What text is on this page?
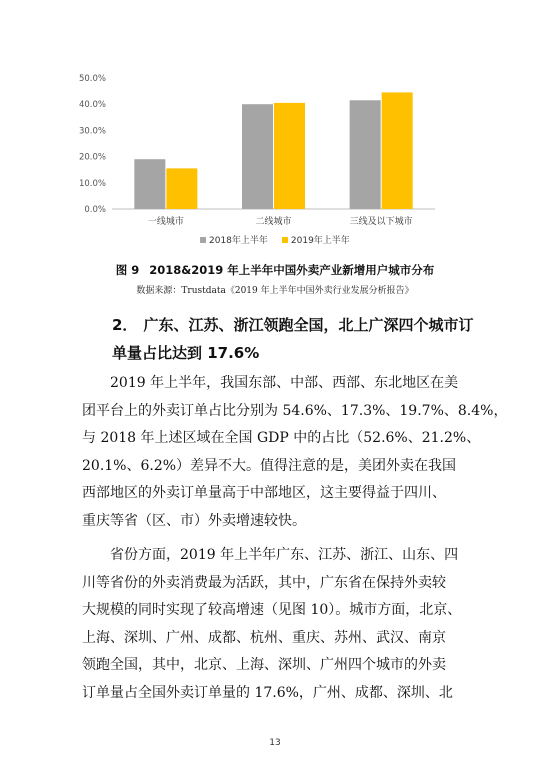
0.0%
10.0%
20.0%
30.0%
40.0%
50.0%
一线城市	二线城市	三线及以下城市
2018年上半年	2019年上半年
图 9 2018&2019 年上半年中国外卖产业新增用户城市分布
数据来源：Trustdata《2019 年上半年中国外卖行业发展分析报告》
2． 广东、江苏、浙江领跑全国，北上广深四个城市订
单量占比达到 17.6%
2019 年上半年，我国东部、中部、西部、东北地区在美
团平台上的外卖订单占比分别为 54.6%、17.3%、19.7%、8.4%，
与 2018 年上述区域在全国 GDP 中的占比（52.6%、21.2%、
20.1%、6.2%）差异不大。值得注意的是，美团外卖在我国
西部地区的外卖订单量高于中部地区，这主要得益于四川、
重庆等省（区、市）外卖增速较快。
省份方面，2019 年上半年广东、江苏、浙江、山东、四
川等省份的外卖消费最为活跃，其中，广东省在保持外卖较
大规模的同时实现了较高增速（见图 10）。城市方面，北京、
上海、深圳、广州、成都、杭州、重庆、苏州、武汉、南京
领跑全国，其中，北京、上海、深圳、广州四个城市的外卖
订单量占全国外卖订单量的 17.6%，广州、成都、深圳、北
13
